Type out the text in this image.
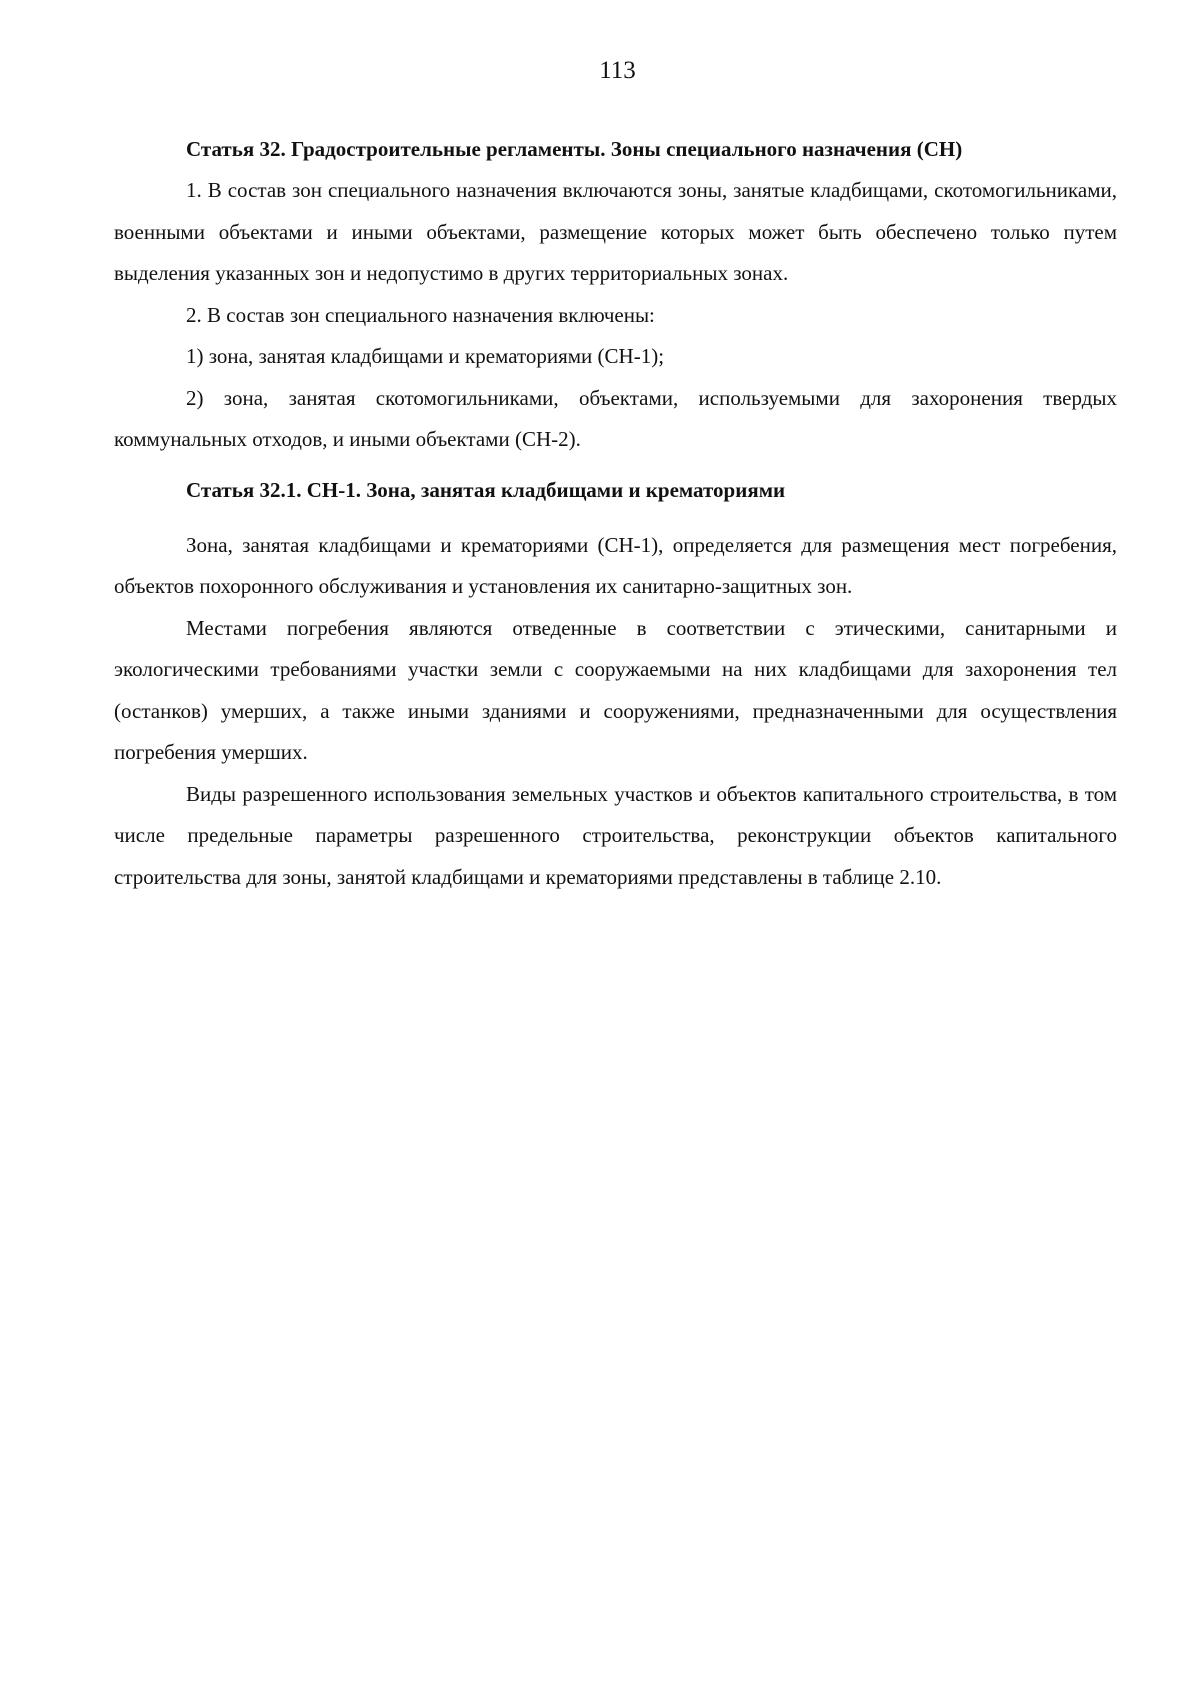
113

Статья 32. Градостроительные регламенты. Зоны специального назначения (СН)

1. В состав зон специального назначения включаются зоны, занятые кладбищами, скотомогильниками, военными объектами и иными объектами, размещение которых может быть обеспечено только путем выделения указанных зон и недопустимо в других территориальных зонах.

2. В состав зон специального назначения включены:

1) зона, занятая кладбищами и крематориями (СН-1);

2) зона, занятая скотомогильниками, объектами, используемыми для захоронения твердых коммунальных отходов, и иными объектами (СН-2).

Статья 32.1. СН-1. Зона, занятая кладбищами и крематориями

Зона, занятая кладбищами и крематориями (СН-1), определяется для размещения мест погребения, объектов похоронного обслуживания и установления их санитарно-защитных зон.

Местами погребения являются отведенные в соответствии с этическими, санитарными и экологическими требованиями участки земли с сооружаемыми на них кладбищами для захоронения тел (останков) умерших, а также иными зданиями и сооружениями, предназначенными для осуществления погребения умерших.

Виды разрешенного использования земельных участков и объектов капитального строительства, в том числе предельные параметры разрешенного строительства, реконструкции объектов капитального строительства для зоны, занятой кладбищами и крематориями представлены в таблице 2.10.
